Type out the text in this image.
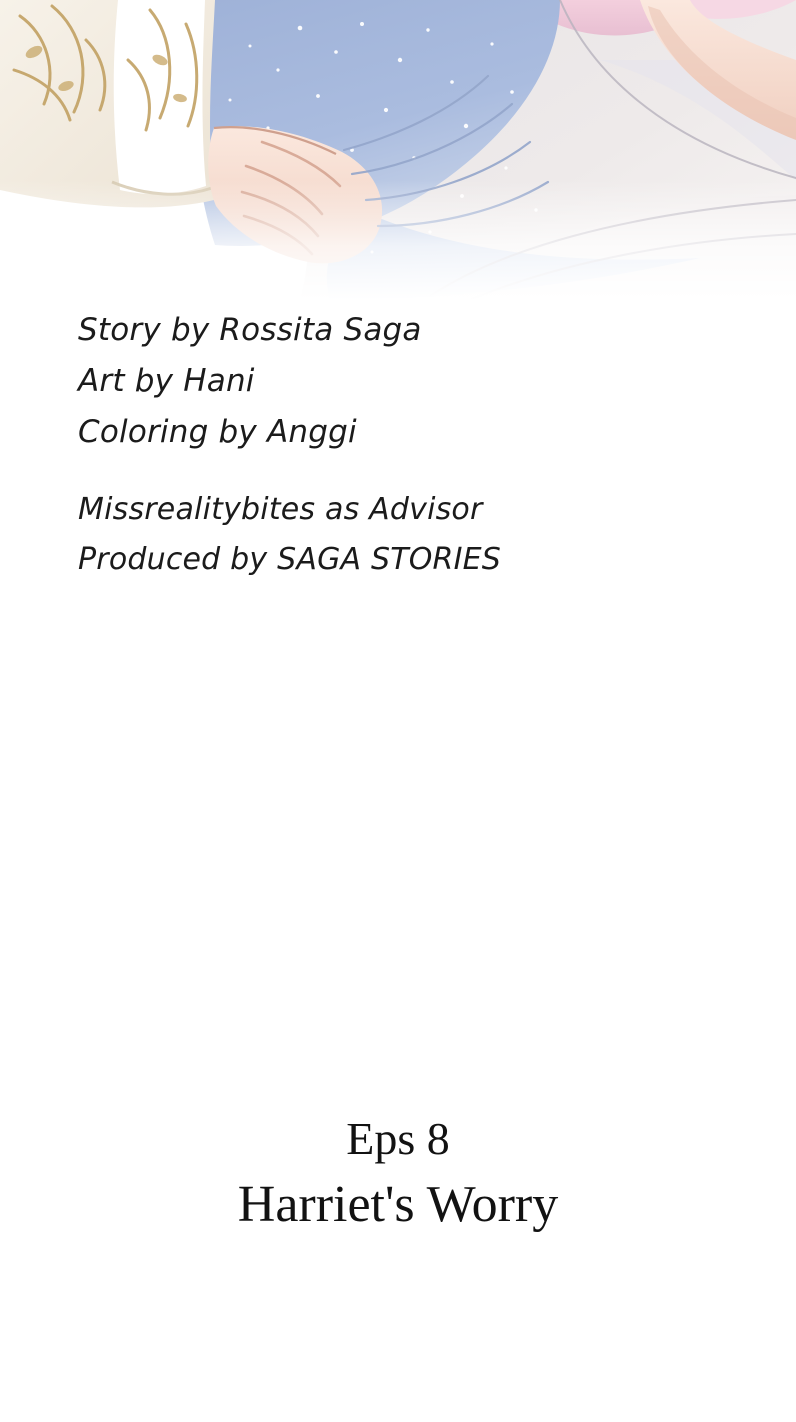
Story by Rossita Saga
Art by Hani
Coloring by Anggi
Missrealitybites as Advisor
Produced by SAGA STORIES
Eps 8
Harriet's Worry
